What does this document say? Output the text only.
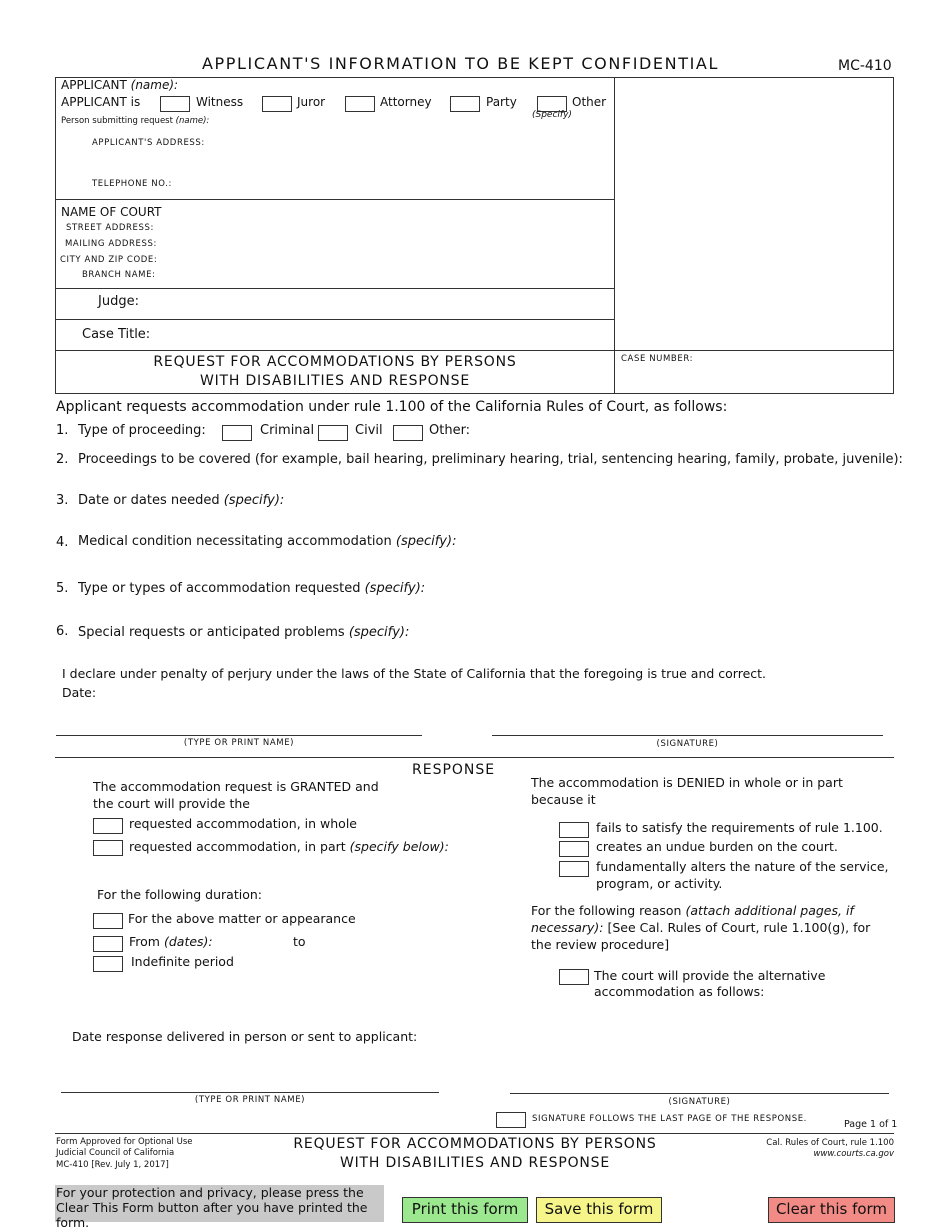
APPLICANT'S INFORMATION TO BE KEPT CONFIDENTIAL	MC-410
APPLICANT (name):
APPLICANT is	Witness	Juror	Attorney	Party	Other
(Specify)
Person submitting request (name):
APPLICANT'S ADDRESS:
TELEPHONE NO.:
NAME OF COURT
STREET ADDRESS:
MAILING ADDRESS:
CITY AND ZIP CODE:
BRANCH NAME:
Judge:
Case Title:
REQUEST FOR ACCOMMODATIONS BY PERSONS
WITH DISABILITIES AND RESPONSE
CASE NUMBER:
Applicant requests accommodation under rule 1.100 of the California Rules of Court, as follows:
1. Type of proceeding:	Criminal	Civil	Other:
2. Proceedings to be covered (for example, bail hearing, preliminary hearing, trial, sentencing hearing, family, probate, juvenile):
3. Date or dates needed (specify):
4. Medical condition necessitating accommodation (specify):
5. Type or types of accommodation requested (specify):
6. Special requests or anticipated problems (specify):
I declare under penalty of perjury under the laws of the State of California that the foregoing is true and correct.
Date:
(TYPE OR PRINT NAME)	(SIGNATURE)
RESPONSE
The accommodation request is GRANTED and
the court will provide the
requested accommodation, in whole
requested accommodation, in part (specify below):
For the following duration:
For the above matter or appearance
From (dates):	to
Indefinite period
The accommodation is DENIED in whole or in part
because it
fails to satisfy the requirements of rule 1.100.
creates an undue burden on the court.
fundamentally alters the nature of the service,
program, or activity.
For the following reason (attach additional pages, if
necessary): [See Cal. Rules of Court, rule 1.100(g), for
the review procedure]
The court will provide the alternative
accommodation as follows:
Date response delivered in person or sent to applicant:
(TYPE OR PRINT NAME)	(SIGNATURE)
SIGNATURE FOLLOWS THE LAST PAGE OF THE RESPONSE.	Page 1 of 1
Form Approved for Optional Use
Judicial Council of California
MC-410 [Rev. July 1, 2017]
REQUEST FOR ACCOMMODATIONS BY PERSONS
WITH DISABILITIES AND RESPONSE
Cal. Rules of Court, rule 1.100
www.courts.ca.gov
For your protection and privacy, please press the Clear This Form button after you have printed the form.
Print this form	Save this form	Clear this form
